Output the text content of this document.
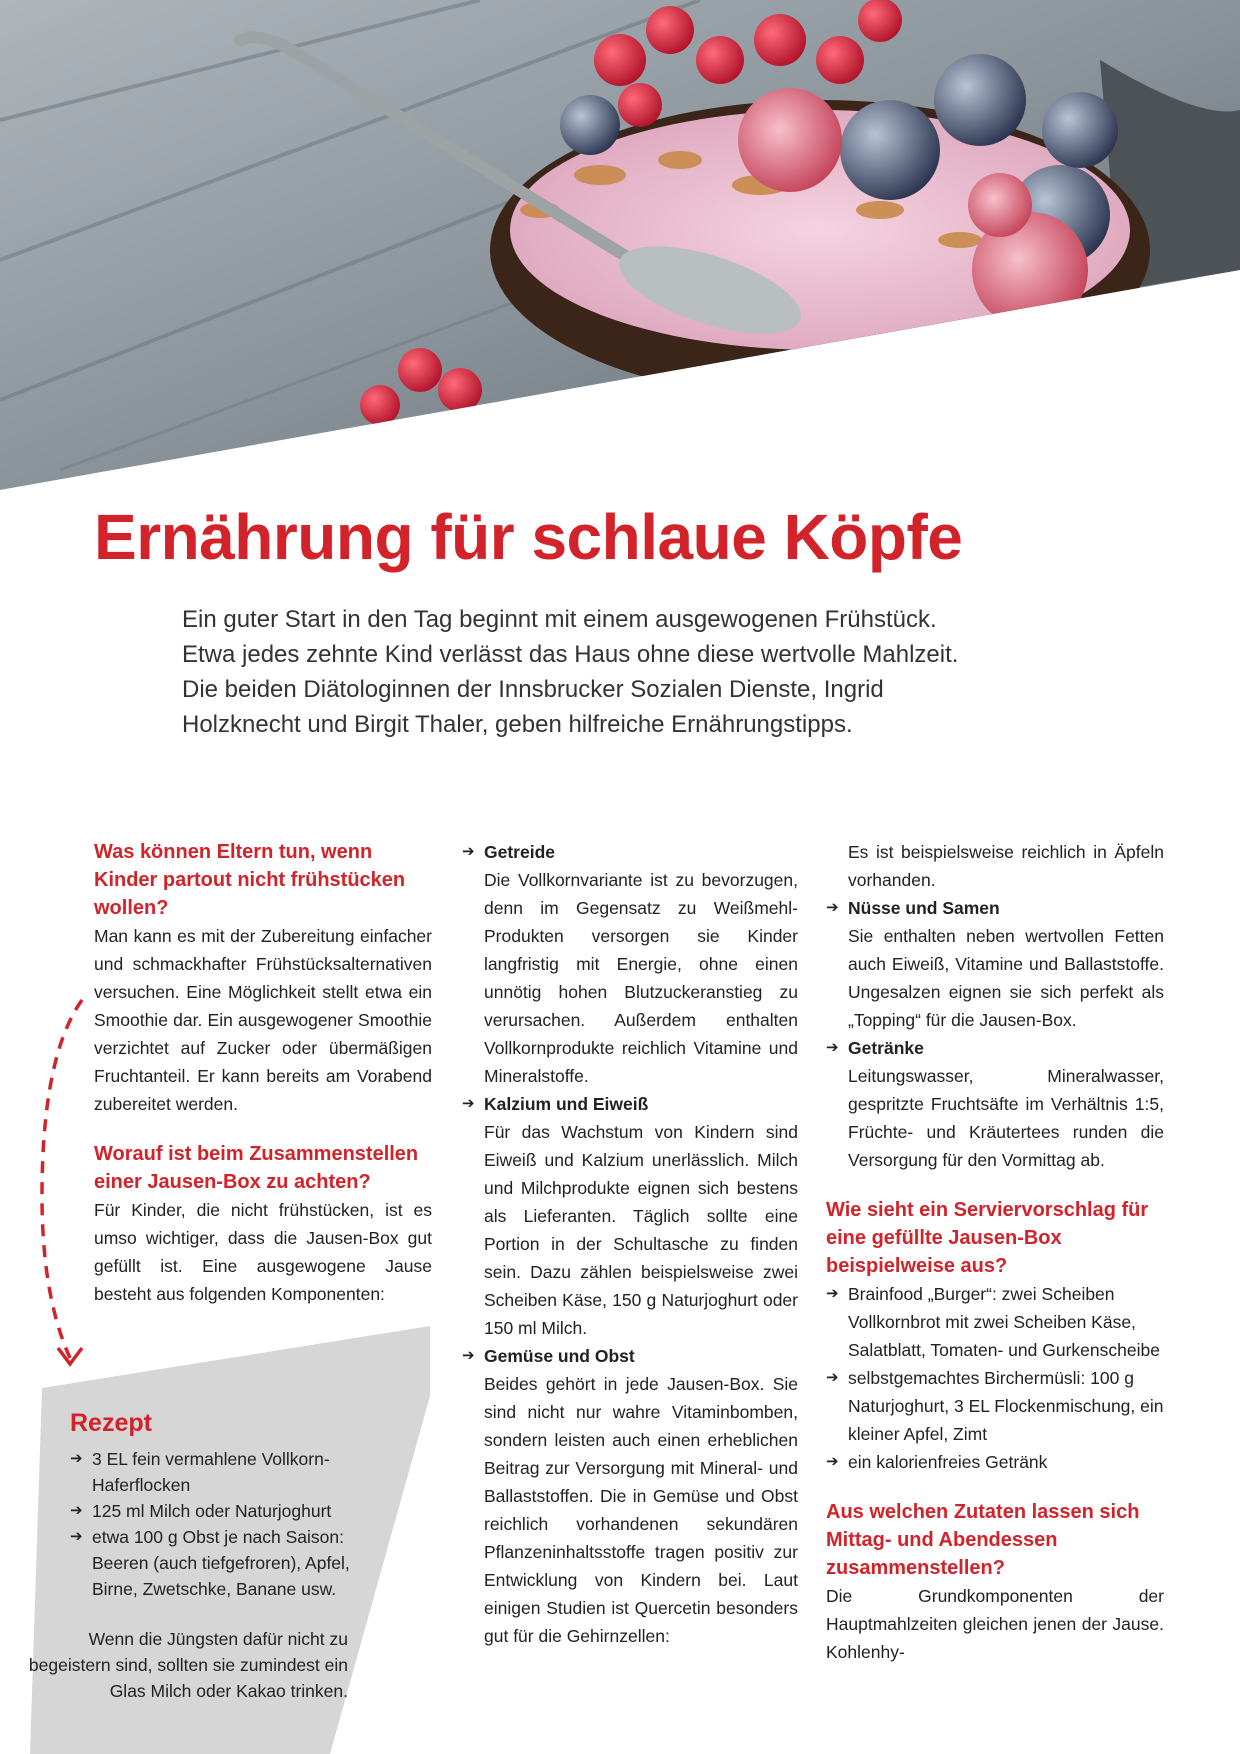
Ernährung für schlaue Köpfe

Ein guter Start in den Tag beginnt mit einem ausgewogenen Frühstück. Etwa jedes zehnte Kind verlässt das Haus ohne diese wertvolle Mahlzeit. Die beiden Diätologinnen der Innsbrucker Sozialen Dienste, Ingrid Holzknecht und Birgit Thaler, geben hilfreiche Ernährungstipps.

Was können Eltern tun, wenn Kinder partout nicht frühstücken wollen?

Man kann es mit der Zubereitung einfacher und schmackhafter Frühstücksalternativen versuchen. Eine Möglichkeit stellt etwa ein Smoothie dar. Ein ausgewogener Smoothie verzichtet auf Zucker oder übermäßigen Fruchtanteil. Er kann bereits am Vorabend zubereitet werden.

Worauf ist beim Zusammenstellen einer Jausen-Box zu achten?

Für Kinder, die nicht frühstücken, ist es umso wichtiger, dass die Jausen-Box gut gefüllt ist. Eine ausgewogene Jause besteht aus folgenden Komponenten:

Rezept
➔ 3 EL fein vermahlene Vollkorn-Haferflocken
➔ 125 ml Milch oder Naturjoghurt
➔ etwa 100 g Obst je nach Saison: Beeren (auch tiefgefroren), Apfel, Birne, Zwetschke, Banane usw.

Wenn die Jüngsten dafür nicht zu begeistern sind, sollten sie zumindest ein Glas Milch oder Kakao trinken.

➔ Getreide

Die Vollkornvariante ist zu bevorzugen, denn im Gegensatz zu Weißmehl-Produkten versorgen sie Kinder langfristig mit Energie, ohne einen unnötig hohen Blutzuckeranstieg zu verursachen. Außerdem enthalten Vollkornprodukte reichlich Vitamine und Mineralstoffe.

➔ Kalzium und Eiweiß

Für das Wachstum von Kindern sind Eiweiß und Kalzium unerlässlich. Milch und Milchprodukte eignen sich bestens als Lieferanten. Täglich sollte eine Portion in der Schultasche zu finden sein. Dazu zählen beispielsweise zwei Scheiben Käse, 150 g Naturjoghurt oder 150 ml Milch.

➔ Gemüse und Obst

Beides gehört in jede Jausen-Box. Sie sind nicht nur wahre Vitaminbomben, sondern leisten auch einen erheblichen Beitrag zur Versorgung mit Mineral- und Ballaststoffen. Die in Gemüse und Obst reichlich vorhandenen sekundären Pflanzeninhaltsstoffe tragen positiv zur Entwicklung von Kindern bei. Laut einigen Studien ist Quercetin besonders gut für die Gehirnzellen:

Es ist beispielsweise reichlich in Äpfeln vorhanden.

➔ Nüsse und Samen

Sie enthalten neben wertvollen Fetten auch Eiweiß, Vitamine und Ballaststoffe. Ungesalzen eignen sie sich perfekt als „Topping“ für die Jausen-Box.

➔ Getränke

Leitungswasser, Mineralwasser, gespritzte Fruchtsäfte im Verhältnis 1:5, Früchte- und Kräutertees runden die Versorgung für den Vormittag ab.

Wie sieht ein Serviervorschlag für eine gefüllte Jausen-Box beispielweise aus?
➔ Brainfood „Burger“: zwei Scheiben Vollkornbrot mit zwei Scheiben Käse, Salatblatt, Tomaten- und Gurkenscheibe
➔ selbstgemachtes Birchermüsli: 100 g Naturjoghurt, 3 EL Flockenmischung, ein kleiner Apfel, Zimt
➔ ein kalorienfreies Getränk
Aus welchen Zutaten lassen sich Mittag- und Abendessen zusammenstellen?

Die Grundkomponenten der Hauptmahlzeiten gleichen jenen der Jause. Kohlenhy-
